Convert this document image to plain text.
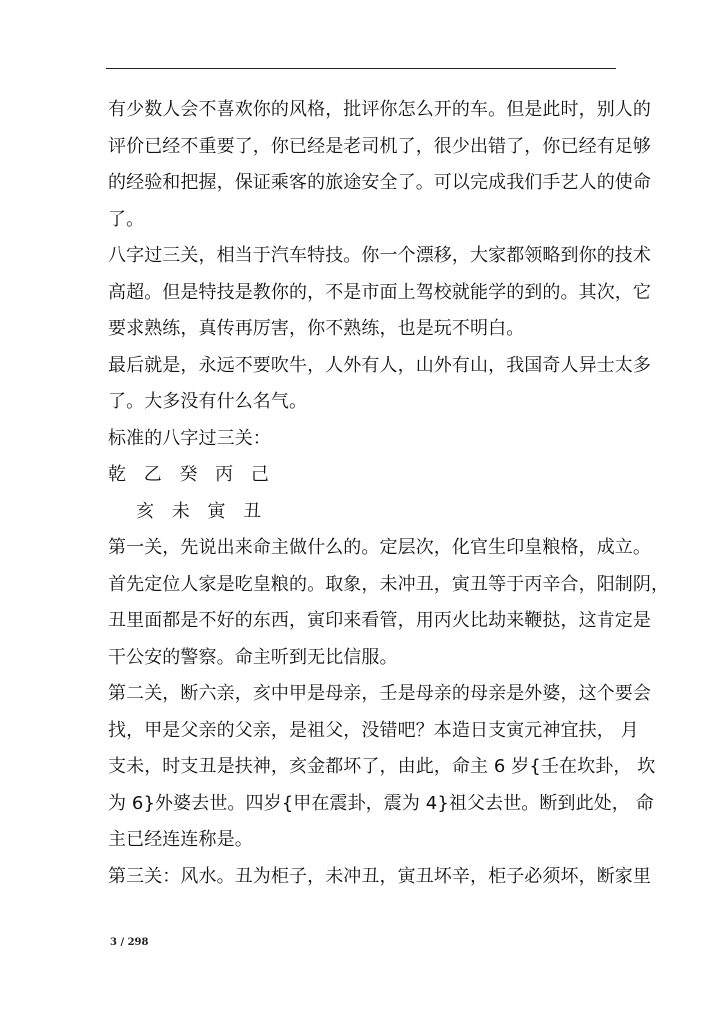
有少数人会不喜欢你的风格，批评你怎么开的车。但是此时，别人的
评价已经不重要了，你已经是老司机了，很少出错了，你已经有足够
的经验和把握，保证乘客的旅途安全了。可以完成我们手艺人的使命
了。
八字过三关，相当于汽车特技。你一个漂移，大家都领略到你的技术
高超。但是特技是教你的，不是市面上驾校就能学的到的。其次，它
要求熟练，真传再厉害，你不熟练，也是玩不明白。
最后就是，永远不要吹牛，人外有人，山外有山，我国奇人异士太多
了。大多没有什么名气。
标准的八字过三关：
乾 乙 癸 丙 己
亥 未 寅 丑
第一关，先说出来命主做什么的。定层次，化官生印皇粮格，成立。
首先定位人家是吃皇粮的。取象，未冲丑，寅丑等于丙辛合，阳制阴，
丑里面都是不好的东西，寅印来看管，用丙火比劫来鞭挞，这肯定是
干公安的警察。命主听到无比信服。
第二关，断六亲，亥中甲是母亲，壬是母亲的母亲是外婆，这个要会
找，甲是父亲的父亲，是祖父，没错吧？本造日支寅元神宜扶， 月
支未，时支丑是扶神，亥金都坏了，由此，命主 6 岁{壬在坎卦， 坎
为 6}外婆去世。四岁{甲在震卦，震为 4}祖父去世。断到此处， 命
主已经连连称是。
第三关：风水。丑为柜子，未冲丑，寅丑坏辛，柜子必须坏，断家里
3 / 298
